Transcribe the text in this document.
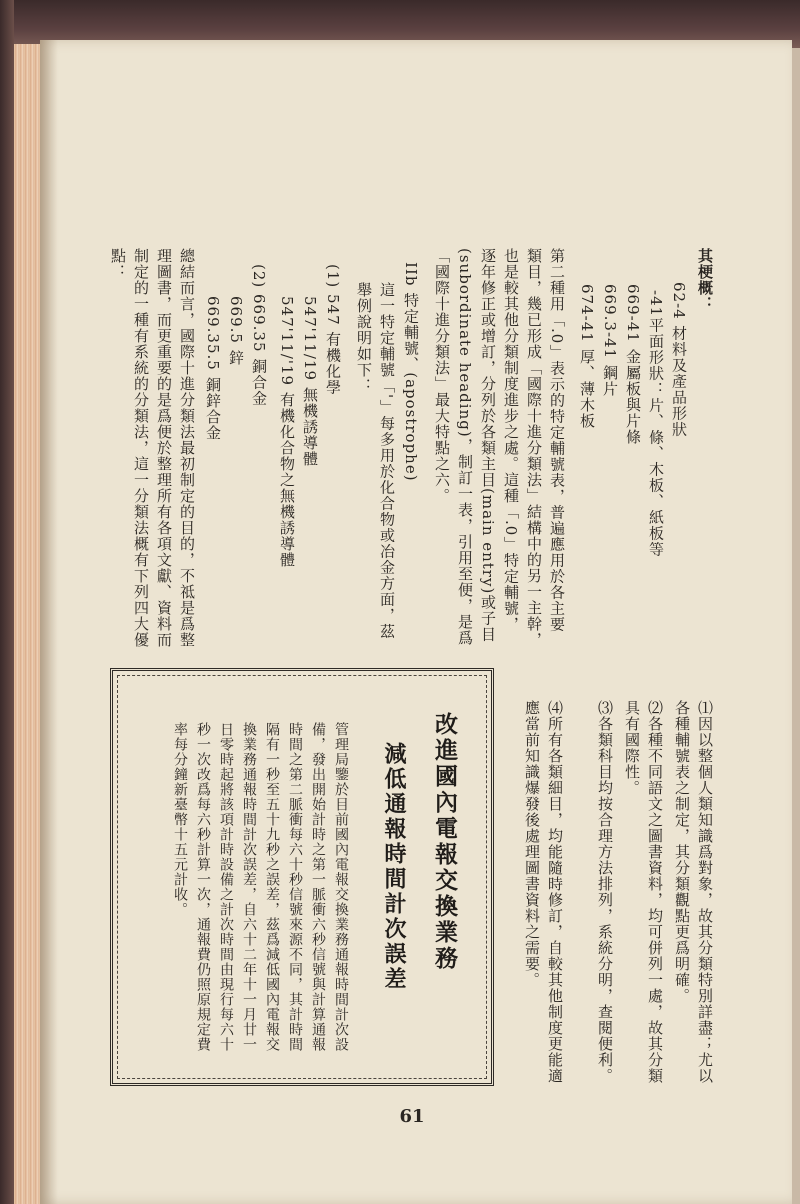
其梗概：
62-4 材料及產品形狀
-41平面形狀：片、條、木板、紙板等
669-41 金屬板與片條
669.3-41 鋼片
674-41 厚、薄木板
第二種用「.0」表示的特定輔號表，普遍應用於各主要類目，幾已形成「國際十進分類法」結構中的另一主幹，也是較其他分類制度進步之處。這種「.0」特定輔號，逐年修正或增訂，分列於各類主目(main entry)或子目(subordinate heading)，制訂一表，引用至便，是爲「國際十進分類法」最大特點之六。
IIb 特定輔號、(apostrophe)
這一特定輔號「'」每多用於化合物或冶金方面，茲舉例說明如下：
(1) 547 有機化學
547'11/19 無機誘導體
547'11/'19 有機化合物之無機誘導體
(2) 669.35 銅合金
669.5 鋅
669.35.5 銅鋅合金
總結而言，國際十進分類法最初制定的目的，不祗是爲整理圖書，而更重要的是爲便於整理所有各項文獻、資料而制定的一種有系統的分類法，這一分類法概有下列四大優點：
⑴因以整個人類知識爲對象，故其分類特別詳盡；尤以各種輔號表之制定，其分類觀點更爲明確。
⑵各種不同語文之圖書資料，均可併列一處，故其分類具有國際性。
⑶各類科目均按合理方法排列，系統分明，查閱便利。
⑷所有各類細目，均能隨時修訂，自較其他制度更能適應當前知識爆發後處理圖書資料之需要。
改進國內電報交換業務
減低通報時間計次誤差
管理局鑒於目前國內電報交換業務通報時間計次設備，發出開始計時之第一脈衝六秒信號與計算通報時間之第二脈衝每六十秒信號來源不同，其計時間隔有一秒至五十九秒之誤差，茲爲減低國內電報交換業務通報時間計次誤差，自六十二年十一月廿一日零時起將該項計時設備之計次時間由現行每六十秒一次改爲每六秒計算一次，通報費仍照原規定費率每分鐘新臺幣十五元計收。
61
